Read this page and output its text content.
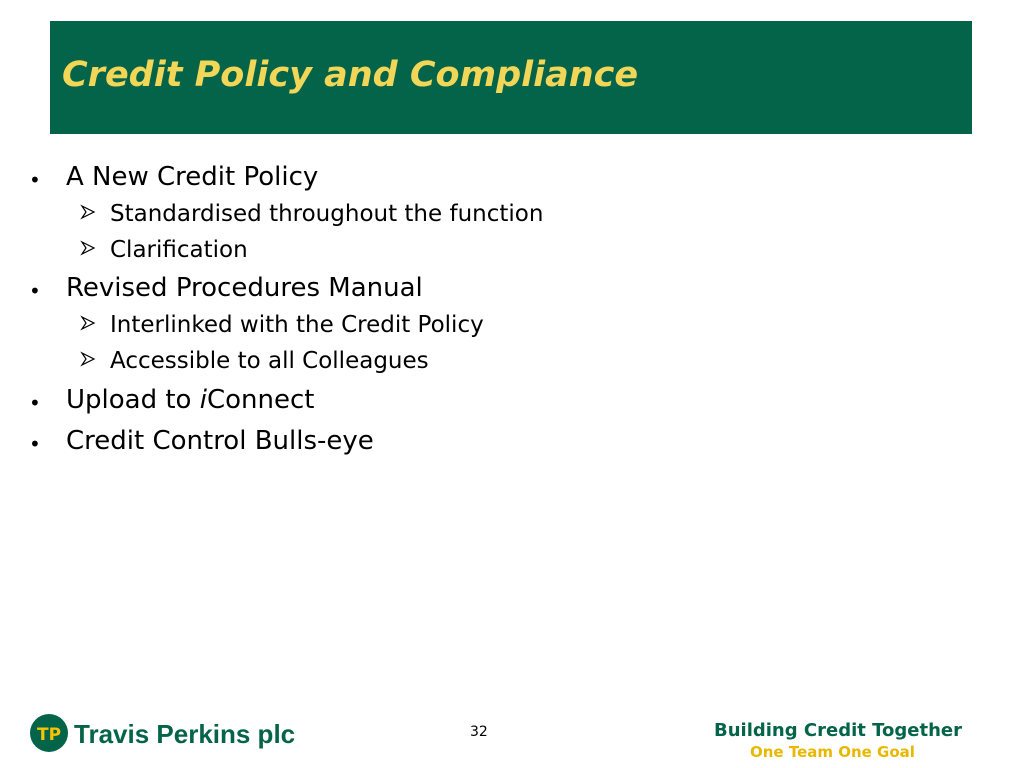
Credit Policy and Compliance
• A New Credit Policy
Standardised throughout the function
Clarification
• Revised Procedures Manual
Interlinked with the Credit Policy
Accessible to all Colleagues
• Upload to iConnect
• Credit Control Bulls-eye
TP Travis Perkins plc	32	Building Credit Together
One Team One Goal
